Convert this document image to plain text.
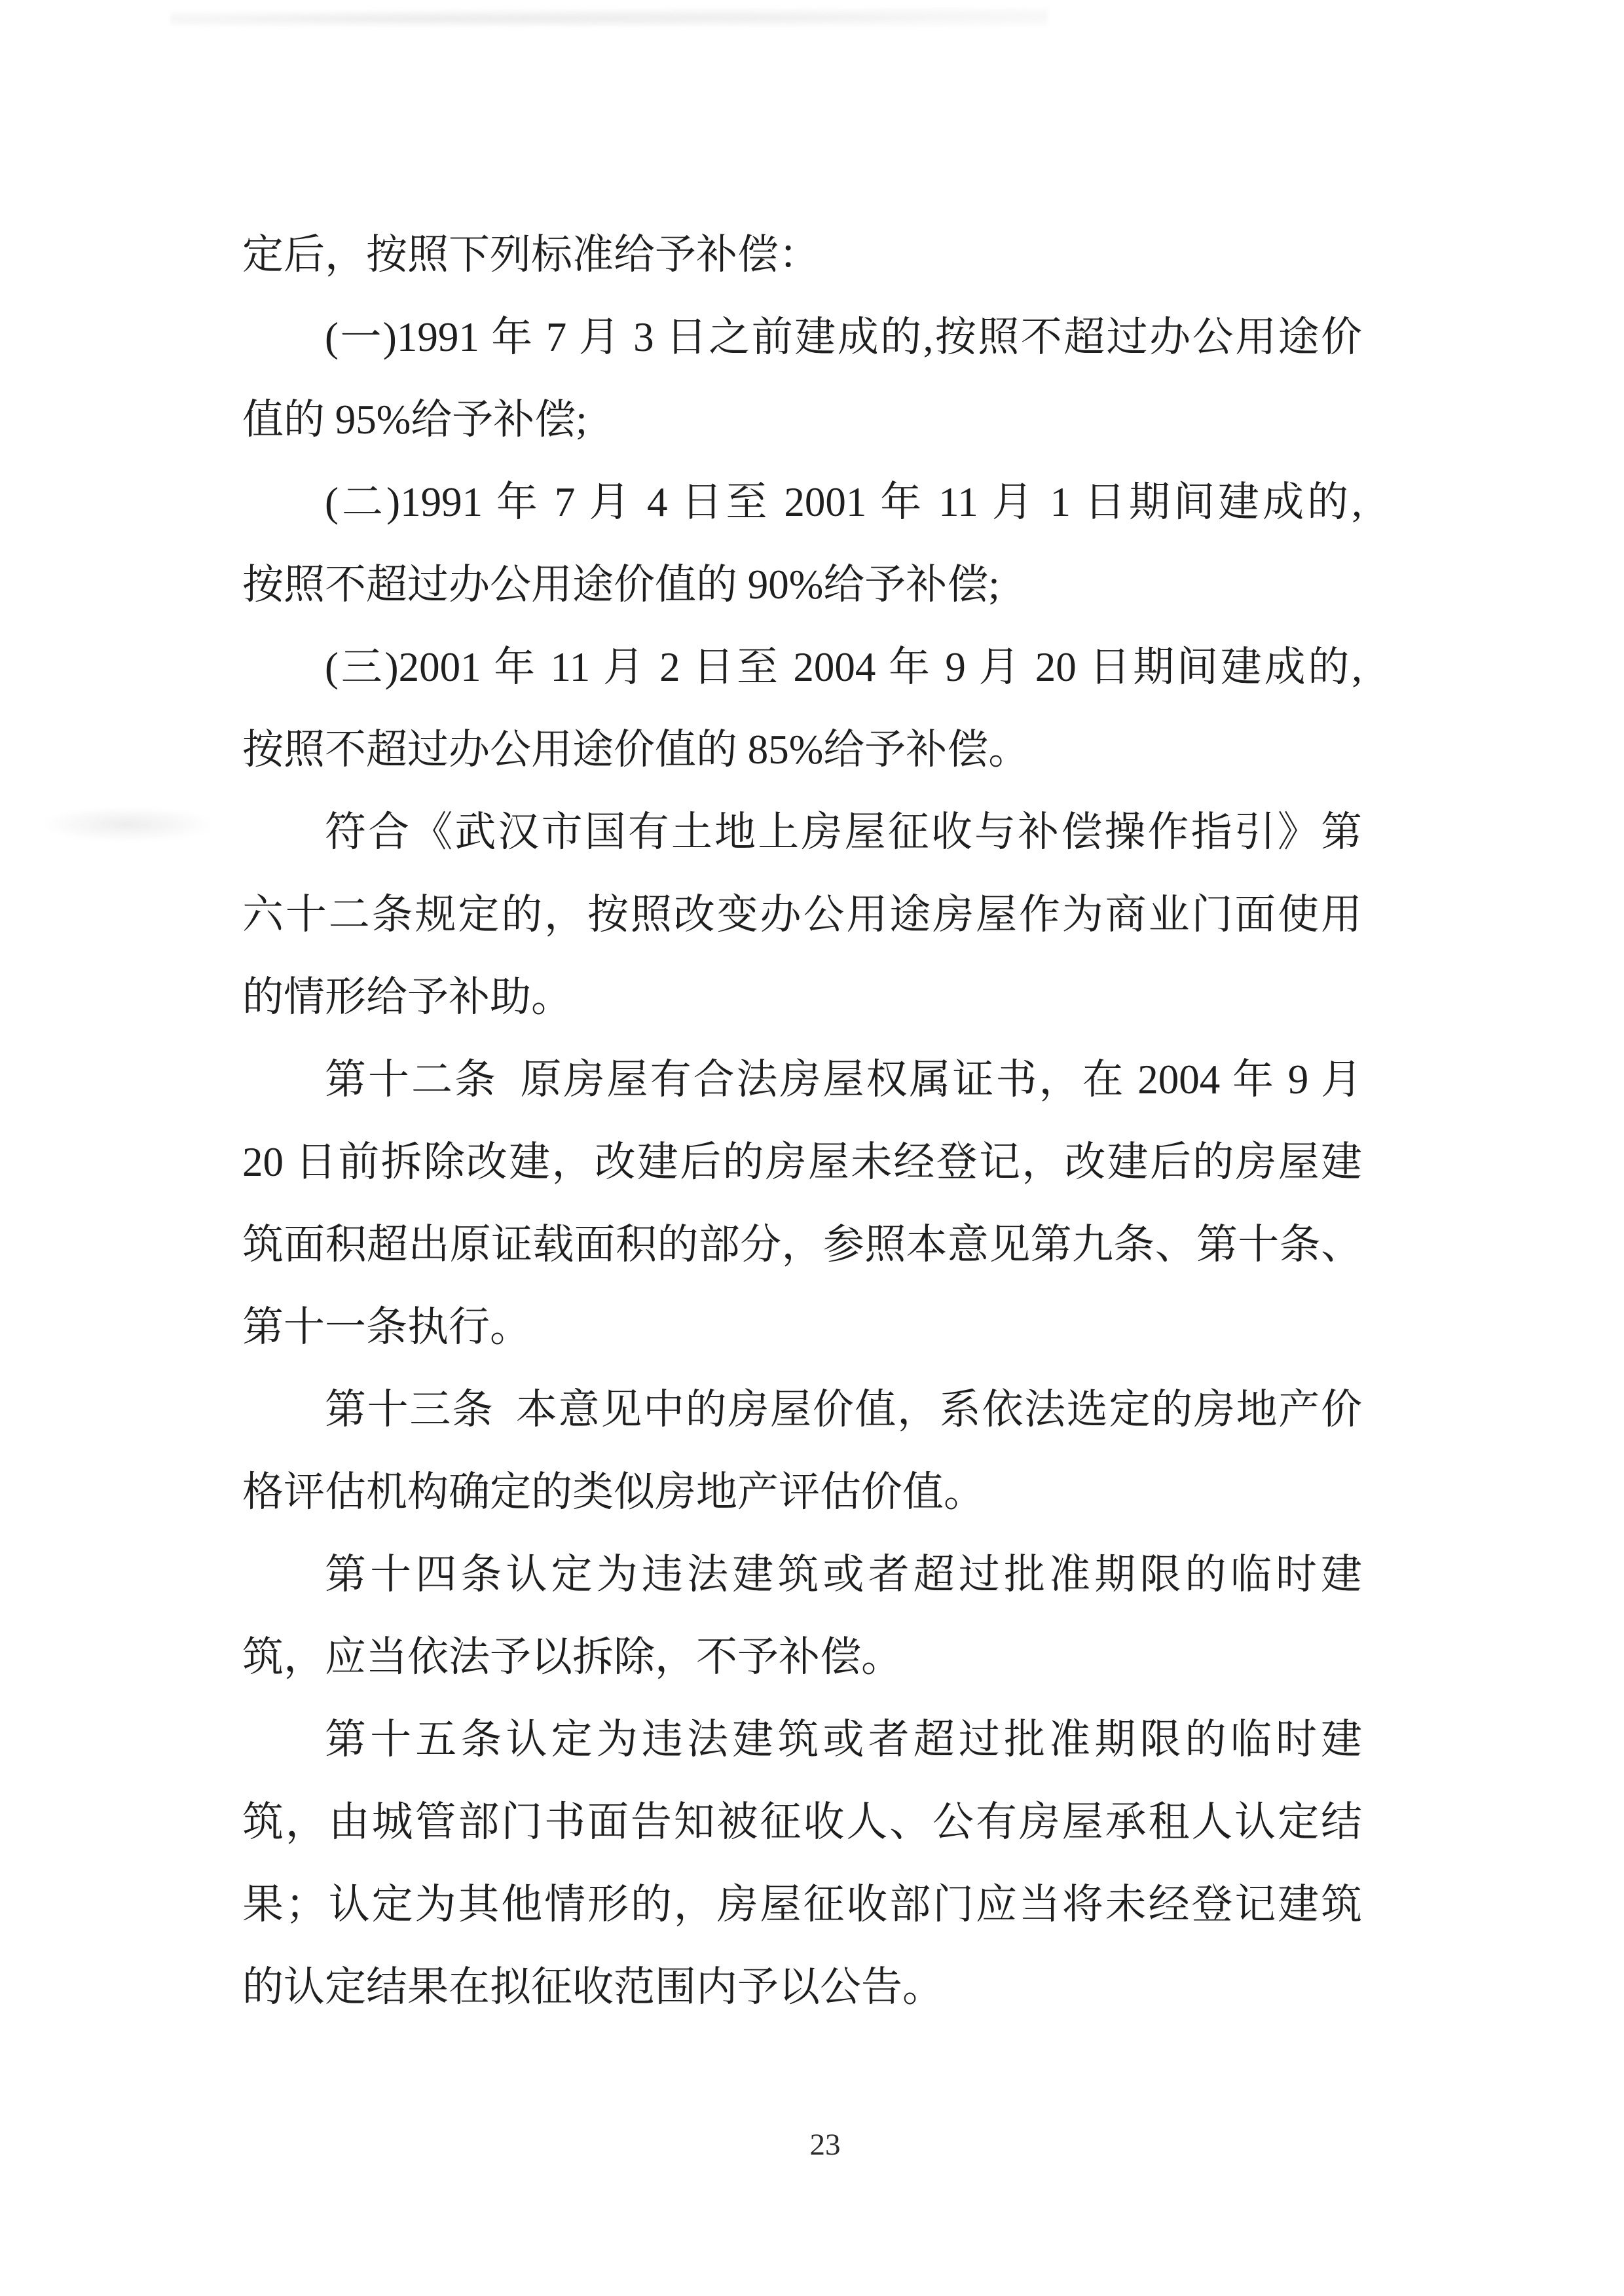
定后，按照下列标准给予补偿：
(一)1991 年 7 月 3 日之前建成的,按照不超过办公用途价
值的 95%给予补偿;
(二)1991 年 7 月 4 日至 2001 年 11 月 1 日期间建成的,
按照不超过办公用途价值的 90%给予补偿;
(三)2001 年 11 月 2 日至 2004 年 9 月 20 日期间建成的,
按照不超过办公用途价值的 85%给予补偿。
符合《武汉市国有土地上房屋征收与补偿操作指引》第
六十二条规定的，按照改变办公用途房屋作为商业门面使用
的情形给予补助。
第十二条 原房屋有合法房屋权属证书，在 2004 年 9 月
20 日前拆除改建，改建后的房屋未经登记，改建后的房屋建
筑面积超出原证载面积的部分，参照本意见第九条、第十条、
第十一条执行。
第十三条 本意见中的房屋价值，系依法选定的房地产价
格评估机构确定的类似房地产评估价值。
第十四条认定为违法建筑或者超过批准期限的临时建
筑，应当依法予以拆除，不予补偿。
第十五条认定为违法建筑或者超过批准期限的临时建
筑，由城管部门书面告知被征收人、公有房屋承租人认定结
果；认定为其他情形的，房屋征收部门应当将未经登记建筑
的认定结果在拟征收范围内予以公告。
23
